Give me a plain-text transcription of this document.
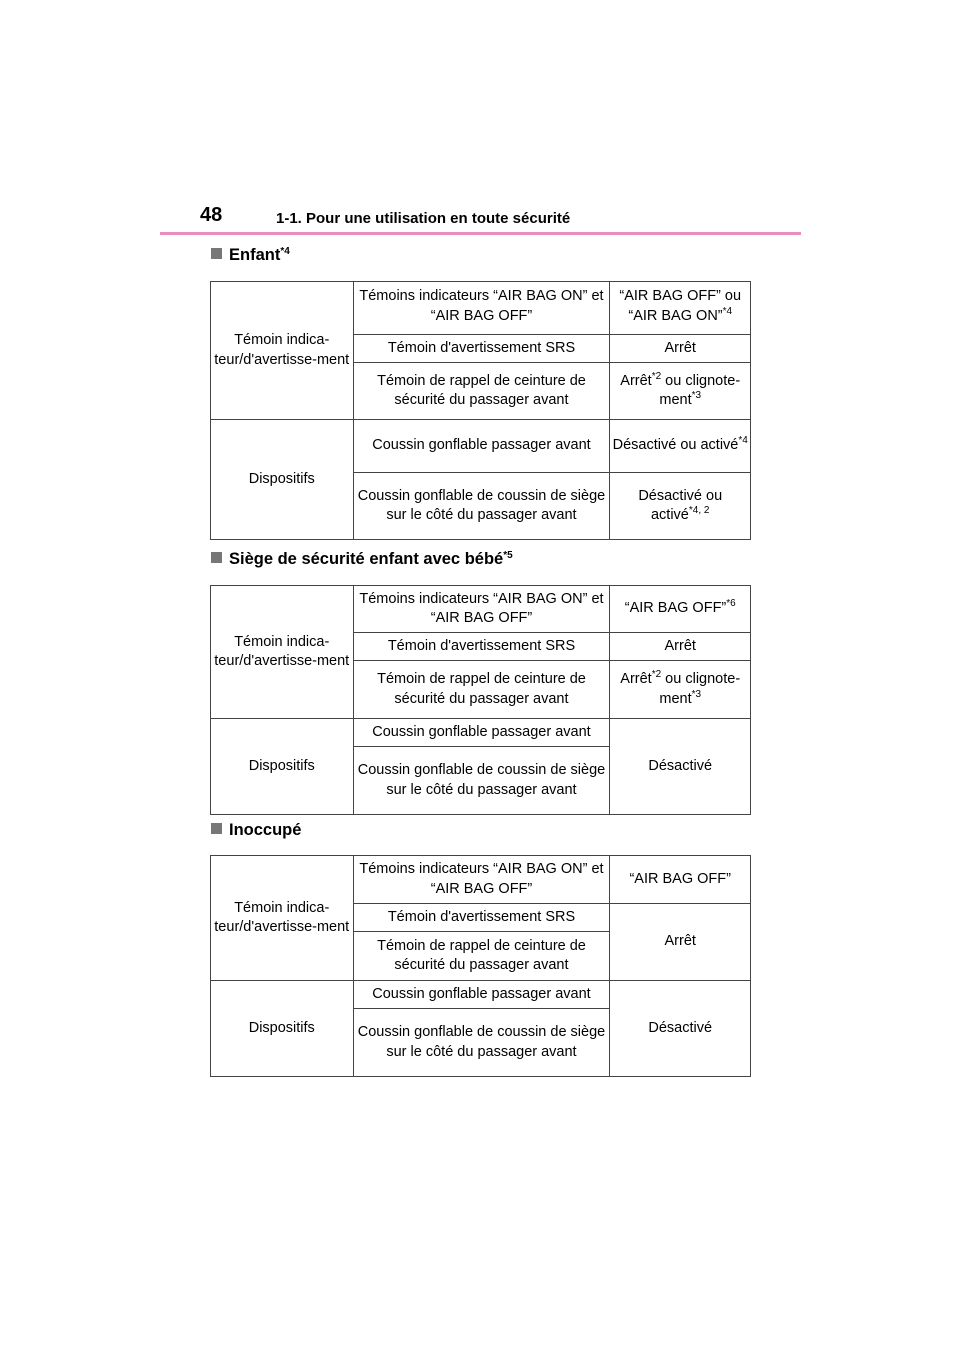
48	1-1. Pour une utilisation en toute sécurité
Enfant$^{*4}$
Témoin indica-teur/d'avertisse-ment	Témoins indicateurs “AIR BAG ON” et “AIR BAG OFF”	“AIR BAG OFF” ou “AIR BAG ON”$^{*4}$
	Témoin d'avertissement SRS	Arrêt
	Témoin de rappel de ceinture de sécurité du passager avant	Arrêt$^{*2}$ ou clignote-ment$^{*3}$
Dispositifs	Coussin gonflable passager avant	Désactivé ou activé$^{*4}$
	Coussin gonflable de coussin de siège sur le côté du passager avant	Désactivé ou activé$^{*4, 2}$
Siège de sécurité enfant avec bébé$^{*5}$
Témoin indica-teur/d'avertisse-ment	Témoins indicateurs “AIR BAG ON” et “AIR BAG OFF”	“AIR BAG OFF”$^{*6}$
	Témoin d'avertissement SRS	Arrêt
	Témoin de rappel de ceinture de sécurité du passager avant	Arrêt$^{*2}$ ou clignote-ment$^{*3}$
Dispositifs	Coussin gonflable passager avant	Désactivé
	Coussin gonflable de coussin de siège sur le côté du passager avant	
Inoccupé
Témoin indica-teur/d'avertisse-ment	Témoins indicateurs “AIR BAG ON” et “AIR BAG OFF”	“AIR BAG OFF”
	Témoin d'avertissement SRS	Arrêt
	Témoin de rappel de ceinture de sécurité du passager avant	
Dispositifs	Coussin gonflable passager avant	Désactivé
	Coussin gonflable de coussin de siège sur le côté du passager avant	
